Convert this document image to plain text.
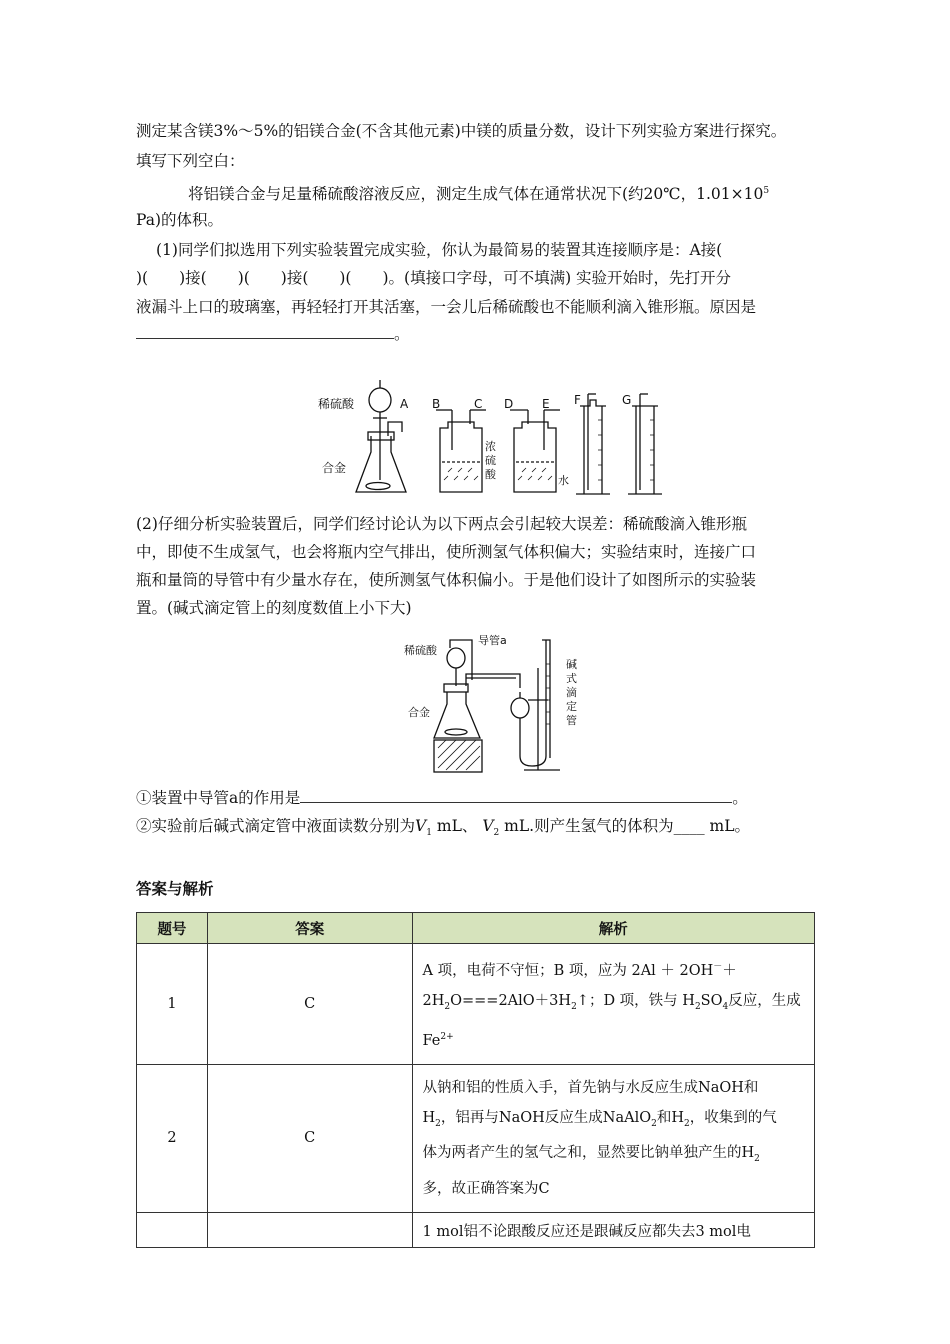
测定某含镁3%～5%的铝镁合金(不含其他元素)中镁的质量分数，设计下列实验方案进行探究。
填写下列空白：
将铝镁合金与足量稀硫酸溶液反应，测定生成气体在通常状况下(约20℃，$1.01\times 10^5$
Pa)的体积。
(1)同学们拟选用下列实验装置完成实验，你认为最简易的装置其连接顺序是：A接(
)(　　)接(　　)(　　)接(　　)(　　)。(填接口字母，可不填满) 实验开始时，先打开分
液漏斗上口的玻璃塞，再轻轻打开其活塞，一会儿后稀硫酸也不能顺利滴入锥形瓶。原因是
。
稀硫酸
合金
A B	C D E F	G
浓
硫
酸	水
(2)仔细分析实验装置后，同学们经讨论认为以下两点会引起较大误差：稀硫酸滴入锥形瓶
中，即使不生成氢气，也会将瓶内空气排出，使所测氢气体积偏大；实验结束时，连接广口
瓶和量筒的导管中有少量水存在，使所测氢气体积偏小。于是他们设计了如图所示的实验装
置。(碱式滴定管上的刻度数值上小下大)
稀硫酸
导管a
合金
碱
式
滴
定
管
①装置中导管a的作用是	。
②实验前后碱式滴定管中液面读数分别为$V_1$ mL、 $V_2$ mL.则产生氢气的体积为____ mL。
答案与解析
题号	答案	解析
1	C	A 项，电荷不守恒；B 项，应为 2Al ＋ 2OH－＋
$2H_2O===2AlO+3H_2↑$；D 项，铁与 $H_2SO_4$反应，生成
$Fe^{2+}$

2	C	从钠和铝的性质入手，首先钠与水反应生成NaOH和
$H_2$，铝再与NaOH反应生成NaAlO$_2$和$H_2$，收集到的气
体为两者产生的氢气之和，显然要比钠单独产生的$H_2$
多，故正确答案为C

		1 mol铝不论跟酸反应还是跟碱反应都失去3 mol电
